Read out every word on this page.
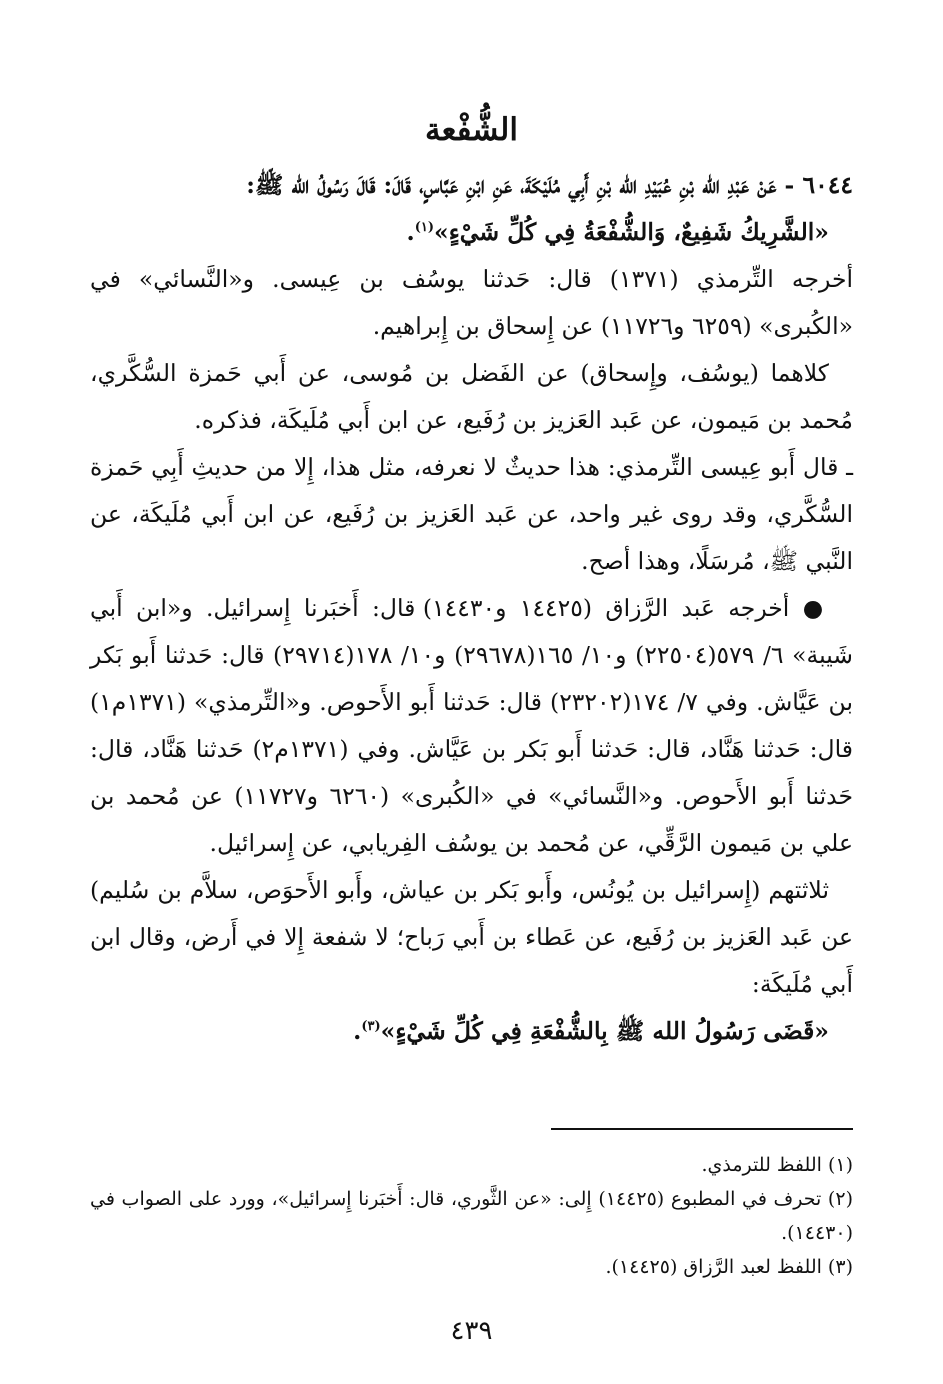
الشُّفْعة

٦٠٤٤ - عَنْ عَبْدِ الله بْنِ عُبَيْدِ الله بْنِ أَبِي مُلَيْكَةَ، عَنِ ابْنِ عَبَّاسٍ، قَالَ: قَالَ رَسُولُ الله ﷺ:

«الشَّرِيكُ شَفِيعٌ، وَالشُّفْعَةُ فِي كُلِّ شَيْءٍ»$^{(١)}$.

أخرجه التِّرمذي (١٣٧١) قال: حَدثنا يوسُف بن عِيسى. و«النَّسائي» في «الكُبرى» (٦٢٥٩ و١١٧٢٦) عن إِسحاق بن إِبراهيم.

كلاهما (يوسُف، وإِسحاق) عن الفَضل بن مُوسى، عن أَبي حَمزة السُّكَّري، مُحمد بن مَيمون، عن عَبد العَزيز بن رُفَيع، عن ابن أَبي مُلَيكَة، فذكره.

ـ قال أَبو عِيسى التِّرمذي: هذا حديثٌ لا نعرفه، مثل هذا، إِلا من حديثِ أَبِي حَمزة السُّكَّري، وقد روى غير واحد، عن عَبد العَزيز بن رُفَيع، عن ابن أَبي مُلَيكَة، عن النَّبي ﷺ، مُرسَلًا، وهذا أصح.

● أخرجه عَبد الرَّزاق (١٤٤٢٥ و١٤٤٣٠) قال: أَخبَرنا إِسرائيل. و«ابن أَبي شَيبة» ٦/ ٥٧٩(٢٢٥٠٤) و١٠/ ١٦٥(٢٩٦٧٨) و١٠/ ١٧٨(٢٩٧١٤) قال: حَدثنا أَبو بَكر بن عَيَّاش. وفي ٧/ ١٧٤(٢٣٢٠٢) قال: حَدثنا أَبو الأَحوص. و«التِّرمذي» (١٣٧١م١) قال: حَدثنا هَنَّاد، قال: حَدثنا أَبو بَكر بن عَيَّاش. وفي (١٣٧١م٢) حَدثنا هَنَّاد، قال: حَدثنا أَبو الأَحوص. و«النَّسائي» في «الكُبرى» (٦٢٦٠ و١١٧٢٧) عن مُحمد بن علي بن مَيمون الرَّقِّي، عن مُحمد بن يوسُف الفِريابي، عن إِسرائيل.

ثلاثتهم (إِسرائيل بن يُونُس، وأَبو بَكر بن عياش، وأَبو الأَحوَص، سلاَّم بن سُليم) عن عَبد العَزيز بن رُفَيع، عن عَطاء بن أَبي رَباح؛ لا شفعة إِلا في أَرض، وقال ابن أَبي مُلَيكَة:

«قَضَى رَسُولُ الله ﷺ بِالشُّفْعَةِ فِي كُلِّ شَيْءٍ»$^{(٣)}$.

(١) اللفظ للترمذي.

(٢) تحرف في المطبوع (١٤٤٢٥) إِلى: «عن الثَّوري، قال: أَخبَرنا إِسرائيل»، وورد على الصواب في (١٤٤٣٠).

(٣) اللفظ لعبد الرَّزاق (١٤٤٢٥).

٤٣٩
